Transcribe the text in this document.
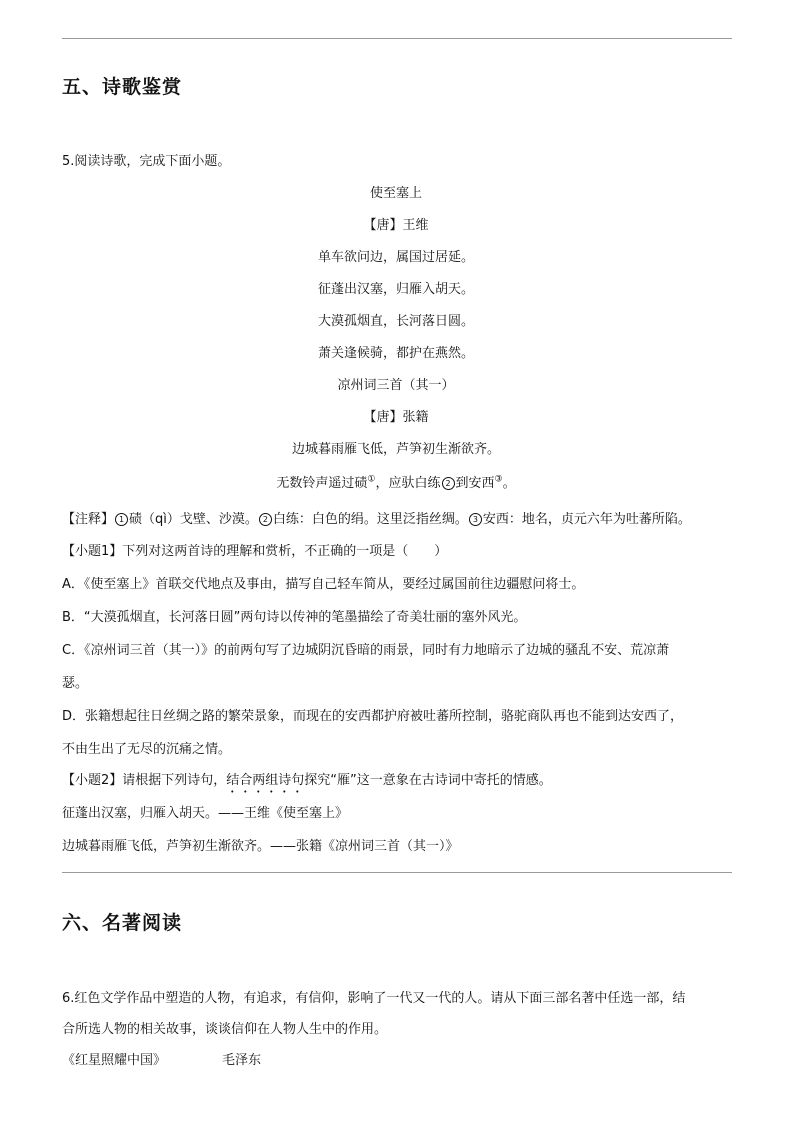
五、诗歌鉴赏
5.阅读诗歌，完成下面小题。
使至塞上
【唐】王维
单车欲问边，属国过居延。
征蓬出汉塞，归雁入胡天。
大漠孤烟直，长河落日圆。
萧关逢候骑，都护在燕然。
凉州词三首（其一）
【唐】张籍
边城暮雨雁飞低，芦笋初生渐欲齐。
无数铃声遥过碛①，应驮白练 2 到安西③。
【注释】 1 碛（qì）戈壁、沙漠。 2 白练：白色的绢。这里泛指丝绸。 3 安西：地名，贞元六年为吐蕃所陷。
【小题1】下列对这两首诗的理解和赏析，不正确的一项是（　　）
A．《使至塞上》首联交代地点及事由，描写自己轻车简从，要经过属国前往边疆慰问将士。
B．“大漠孤烟直，长河落日圆”两句诗以传神的笔墨描绘了奇美壮丽的塞外风光。
C．《凉州词三首（其一）》的前两句写了边城阴沉昏暗的雨景，同时有力地暗示了边城的骚乱不安、荒凉萧
瑟。
D．张籍想起往日丝绸之路的繁荣景象，而现在的安西都护府被吐蕃所控制，骆驼商队再也不能到达安西了，
不由生出了无尽的沉痛之情。
【小题2】请根据下列诗句，结合两组诗句探究“雁”这一意象在古诗词中寄托的情感。
征蓬出汉塞，归雁入胡天。——王维《使至塞上》
边城暮雨雁飞低，芦笋初生渐欲齐。——张籍《凉州词三首（其一）》
六、名著阅读
6.红色文学作品中塑造的人物，有追求，有信仰，影响了一代又一代的人。请从下面三部名著中任选一部，结
合所选人物的相关故事，谈谈信仰在人物人生中的作用。
《红星照耀中国》	毛泽东
